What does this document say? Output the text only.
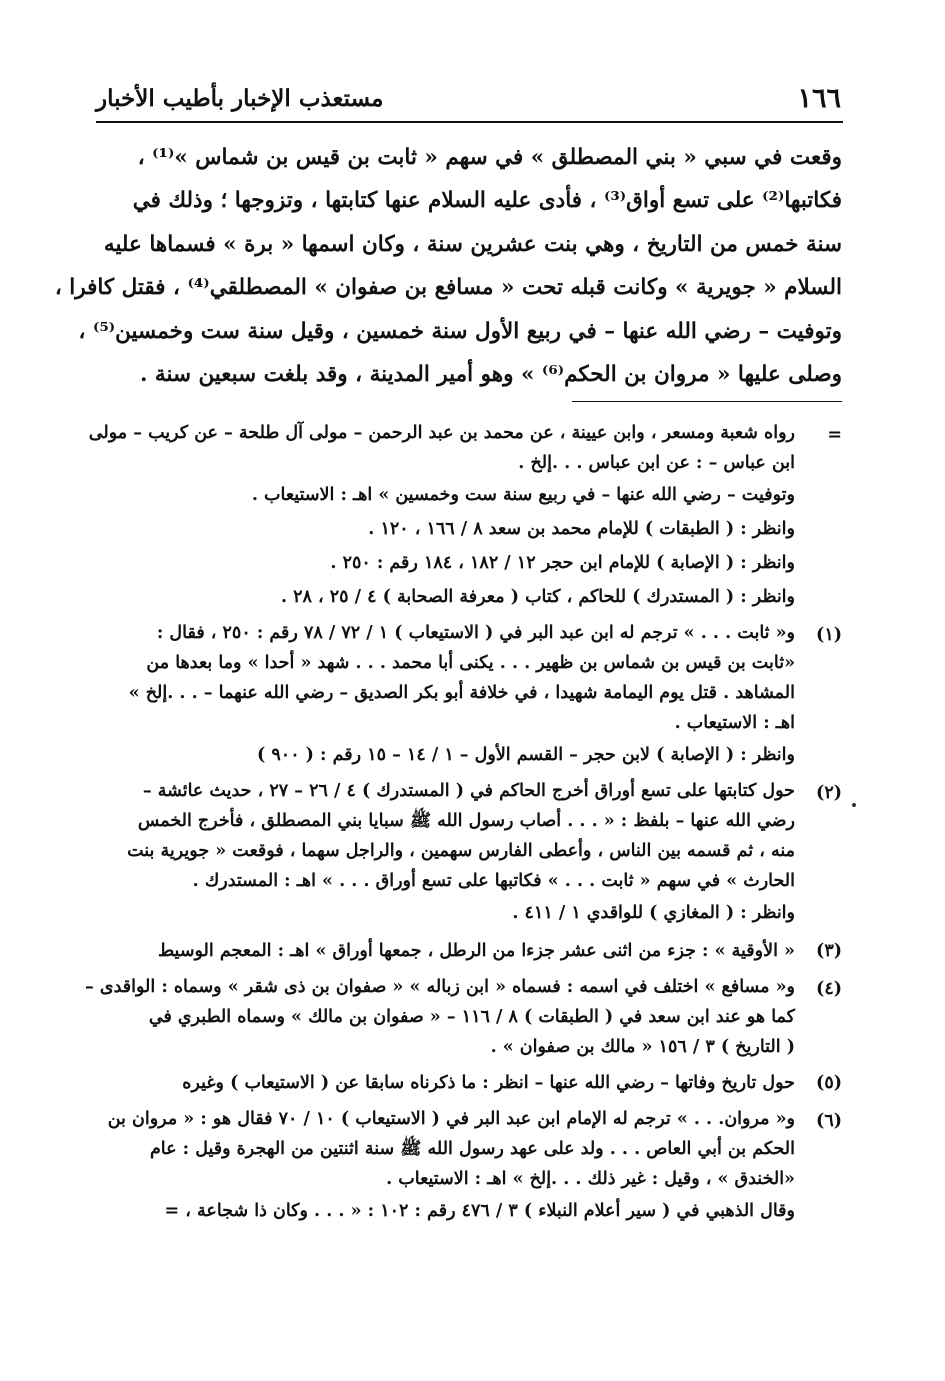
١٦٦
مستعذب الإخبار بأطيب الأخبار
وقعت في سبي « بني المصطلق » في سهم « ثابت بن قيس بن شماس »⁽¹⁾ ،
فكاتبها⁽²⁾ على تسع أواق⁽³⁾ ، فأدى عليه السلام عنها كتابتها ، وتزوجها ؛ وذلك في
سنة خمس من التاريخ ، وهي بنت عشرين سنة ، وكان اسمها « برة » فسماها عليه
السلام « جويرية » وكانت قبله تحت « مسافع بن صفوان » المصطلقي⁽⁴⁾ ، فقتل كافرا ،
وتوفيت – رضي الله عنها – في ربيع الأول سنة خمسين ، وقيل سنة ست وخمسين⁽⁵⁾ ،
وصلى عليها « مروان بن الحكم⁽⁶⁾ » وهو أمير المدينة ، وقد بلغت سبعين سنة .
=
رواه شعبة ومسعر ، وابن عيينة ، عن محمد بن عبد الرحمن – مولى آل طلحة – عن كريب – مولى
ابن عباس – : عن ابن عباس . . .إلخ .
وتوفيت – رضي الله عنها – في ربيع سنة ست وخمسين » اهـ : الاستيعاب .
وانظر : ( الطبقات ) للإمام محمد بن سعد ٨ / ١٦٦ ، ١٢٠ .
وانظر : ( الإصابة ) للإمام ابن حجر ١٢ / ١٨٢ ، ١٨٤ رقم : ٢٥٠ .
وانظر : ( المستدرك ) للحاكم ، كتاب ( معرفة الصحابة ) ٤ / ٢٥ ، ٢٨ .
(١)
و« ثابت . . . » ترجم له ابن عبد البر في ( الاستيعاب ) ١ / ٧٢ / ٧٨ رقم : ٢٥٠ ، فقال :
«ثابت بن قيس بن شماس بن ظهير . . . يكنى أبا محمد . . . شهد « أحدا » وما بعدها من
المشاهد . قتل يوم اليمامة شهيدا ، في خلافة أبو بكر الصديق – رضي الله عنهما – . . .إلخ »
اهـ : الاستيعاب .
وانظر : ( الإصابة ) لابن حجر – القسم الأول – ١ / ١٤ – ١٥ رقم : ( ٩٠٠ )
(٢)
حول كتابتها على تسع أوراق أخرج الحاكم في ( المستدرك ) ٤ / ٢٦ – ٢٧ ، حديث عائشة –
رضي الله عنها – بلفظ : « . . . أصاب رسول الله ﷺ سبايا بني المصطلق ، فأخرج الخمس
منه ، ثم قسمه بين الناس ، وأعطى الفارس سهمين ، والراجل سهما ، فوقعت « جويرية بنت
الحارث » في سهم « ثابت . . . » فكاتبها على تسع أوراق . . . » اهـ : المستدرك .
وانظر : ( المغازي ) للواقدي ١ / ٤١١ .
(٣)
« الأوقية » : جزء من اثنى عشر جزءا من الرطل ، جمعها أوراق » اهـ : المعجم الوسيط
(٤)
و« مسافع » اختلف في اسمه : فسماه « ابن زباله » « صفوان بن ذى شقر » وسماه : الواقدى –
كما هو عند ابن سعد في ( الطبقات ) ٨ / ١١٦ – « صفوان بن مالك » وسماه الطبري في
( التاريخ ) ٣ / ١٥٦ « مالك بن صفوان » .
(٥)
حول تاريخ وفاتها – رضي الله عنها – انظر : ما ذكرناه سابقا عن ( الاستيعاب ) وغيره
(٦)
و« مروان. . . » ترجم له الإمام ابن عبد البر في ( الاستيعاب ) ١٠ / ٧٠ فقال هو : « مروان بن
الحكم بن أبي العاص . . . ولد على عهد رسول الله ﷺ سنة اثنتين من الهجرة وقيل : عام
«الخندق » ، وقيل : غير ذلك . . .إلخ » اهـ : الاستيعاب .
وقال الذهبي في ( سير أعلام النبلاء ) ٣ / ٤٧٦ رقم : ١٠٢ : « . . . وكان ذا شجاعة ، =
